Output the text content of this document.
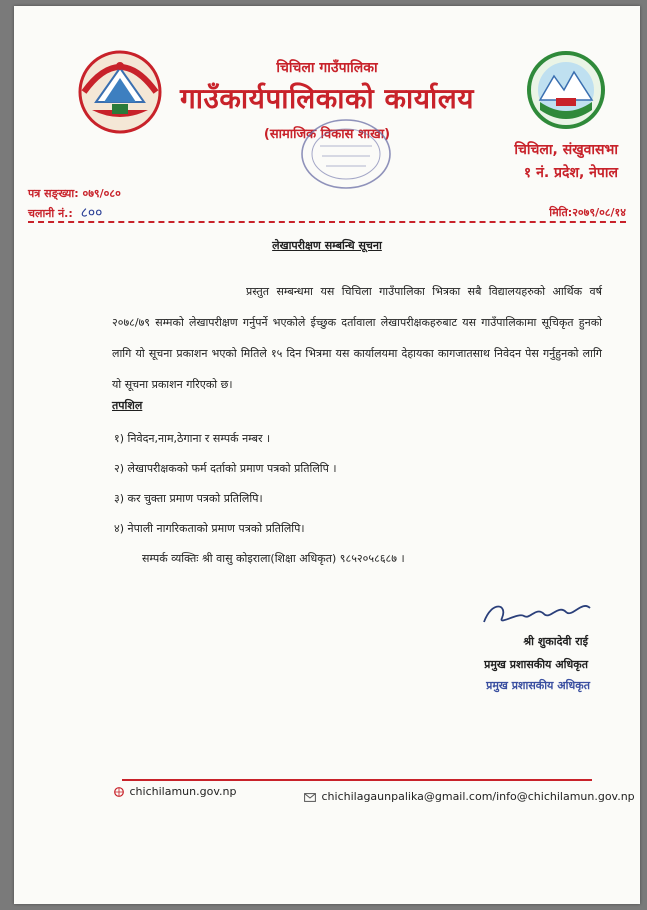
चिचिला गाउँपालिका
गाउँकार्यपालिकाको कार्यालय
(सामाजिक विकास शाखा)
चिचिला, संखुवासभा
१ नं. प्रदेश, नेपाल
पत्र सङ्ख्या: ०७९/०८०
चलानी नं.: ८००	मिति:२०७९/०८/१४
लेखापरीक्षण सम्बन्धि सूचना
प्रस्तुत सम्बन्धमा यस चिचिला गाउँपालिका भित्रका सबै विद्यालयहरुको आर्थिक वर्ष २०७८/७९ सम्मको लेखापरीक्षण गर्नुपर्ने भएकोले ईच्छुक दर्तावाला लेखापरीक्षकहरुबाट यस गाउँपालिकामा सूचिकृत हुनको लागि यो सूचना प्रकाशन भएको मितिले १५ दिन भित्रमा यस कार्यालयमा देहायका कागजातसाथ निवेदन पेस गर्नुहुनको लागि यो सूचना प्रकाशन गरिएको छ।
तपशिल
१) निवेदन,नाम,ठेगाना र सम्पर्क नम्बर ।
२) लेखापरीक्षकको फर्म दर्ताको प्रमाण पत्रको प्रतिलिपि ।
३) कर चुक्ता प्रमाण पत्रको प्रतिलिपि।
४) नेपाली नागरिकताको प्रमाण पत्रको प्रतिलिपि।
सम्पर्क व्यक्तिः श्री वासु कोइराला(शिक्षा अधिकृत) ९८५२०५८६८७ ।
श्री शुकादेवी राई
प्रमुख प्रशासकीय अधिकृत
प्रमुख प्रशासकीय अधिकृत
chichilamun.gov.np	chichilagaunpalika@gmail.com/info@chichilamun.gov.np
